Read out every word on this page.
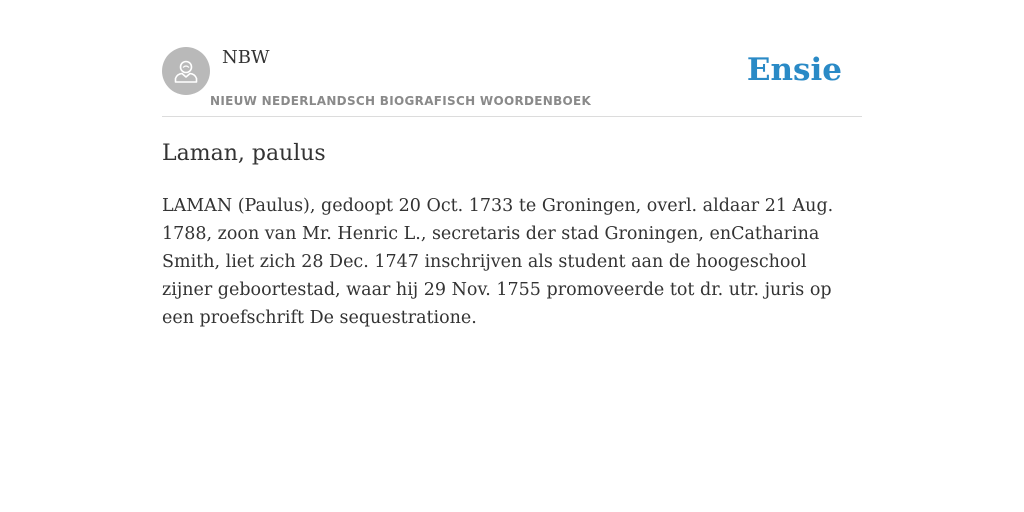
NBW
NIEUW NEDERLANDSCH BIOGRAFISCH WOORDENBOEK
Ensie
Laman, paulus

LAMAN (Paulus), gedoopt 20 Oct. 1733 te Groningen, overl. aldaar 21 Aug. 1788, zoon van Mr. Henric L., secretaris der stad Groningen, enCatharina Smith, liet zich 28 Dec. 1747 inschrijven als student aan de hoogeschool zijner geboortestad, waar hij 29 Nov. 1755 promoveerde tot dr. utr. juris op een proefschrift De sequestratione.
